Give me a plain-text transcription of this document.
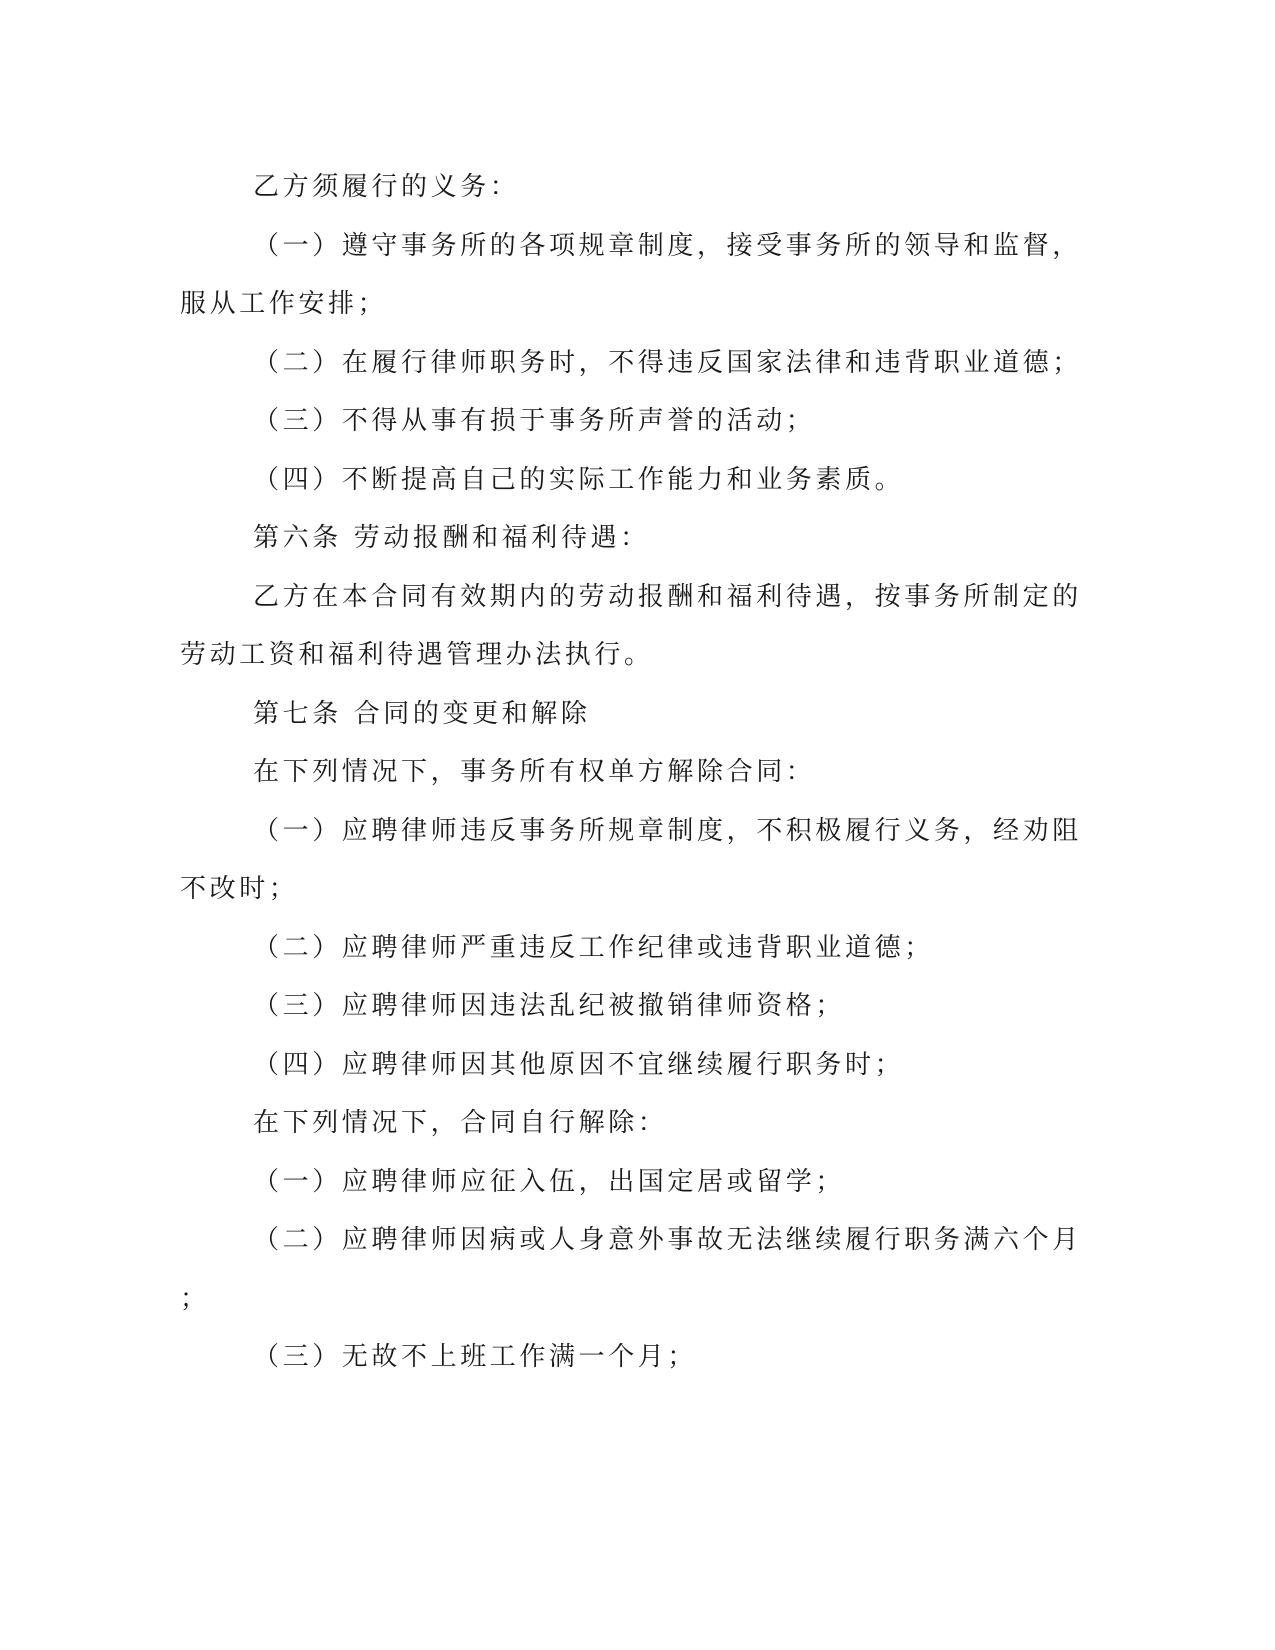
乙方须履行的义务：
（一）遵守事务所的各项规章制度，接受事务所的领导和监督，
服从工作安排；
（二）在履行律师职务时，不得违反国家法律和违背职业道德；
（三）不得从事有损于事务所声誉的活动；
（四）不断提高自己的实际工作能力和业务素质。
第六条 劳动报酬和福利待遇：
乙方在本合同有效期内的劳动报酬和福利待遇，按事务所制定的
劳动工资和福利待遇管理办法执行。
第七条 合同的变更和解除
在下列情况下，事务所有权单方解除合同：
（一）应聘律师违反事务所规章制度，不积极履行义务，经劝阻
不改时；
（二）应聘律师严重违反工作纪律或违背职业道德；
（三）应聘律师因违法乱纪被撤销律师资格；
（四）应聘律师因其他原因不宜继续履行职务时；
在下列情况下，合同自行解除：
（一）应聘律师应征入伍，出国定居或留学；
（二）应聘律师因病或人身意外事故无法继续履行职务满六个月
；
（三）无故不上班工作满一个月；
